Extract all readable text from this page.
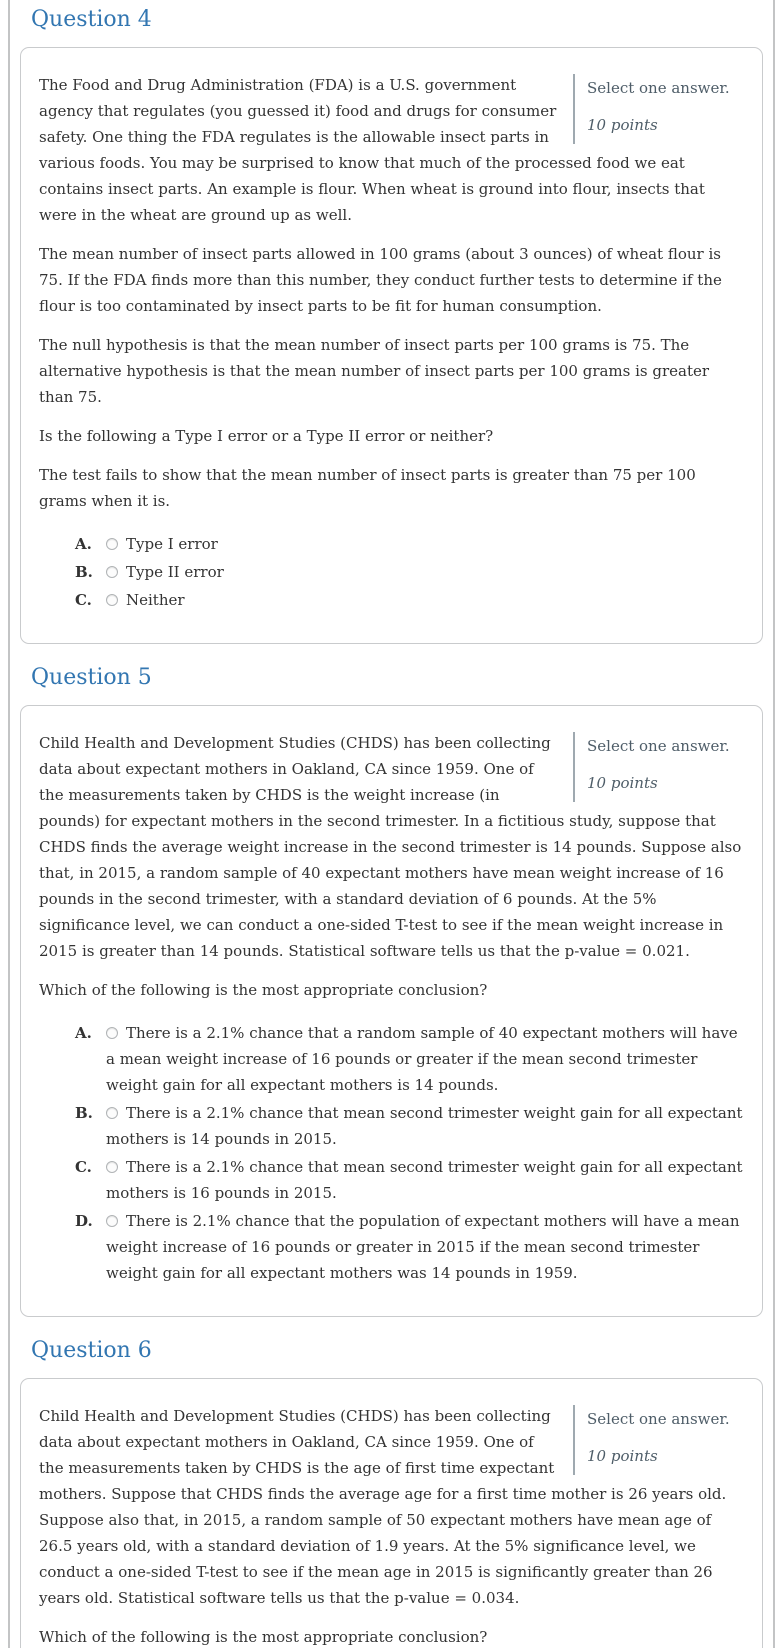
Question 4
Select one answer.
10 points

The Food and Drug Administration (FDA) is a U.S. government agency that regulates (you guessed it) food and drugs for consumer safety. One thing the FDA regulates is the allowable insect parts in various foods. You may be surprised to know that much of the processed food we eat contains insect parts. An example is flour. When wheat is ground into flour, insects that were in the wheat are ground up as well.

The mean number of insect parts allowed in 100 grams (about 3 ounces) of wheat flour is 75. If the FDA finds more than this number, they conduct further tests to determine if the flour is too contaminated by insect parts to be fit for human consumption.

The null hypothesis is that the mean number of insect parts per 100 grams is 75. The alternative hypothesis is that the mean number of insect parts per 100 grams is greater than 75.

Is the following a Type I error or a Type II error or neither?

The test fails to show that the mean number of insect parts is greater than 75 per 100 grams when it is.

A. Type I error
B. Type II error
C. Neither
Question 5
Select one answer.
10 points

Child Health and Development Studies (CHDS) has been collecting data about expectant mothers in Oakland, CA since 1959. One of the measurements taken by CHDS is the weight increase (in pounds) for expectant mothers in the second trimester. In a fictitious study, suppose that CHDS finds the average weight increase in the second trimester is 14 pounds. Suppose also that, in 2015, a random sample of 40 expectant mothers have mean weight increase of 16 pounds in the second trimester, with a standard deviation of 6 pounds. At the 5% significance level, we can conduct a one-sided T-test to see if the mean weight increase in 2015 is greater than 14 pounds. Statistical software tells us that the p-value = 0.021.

Which of the following is the most appropriate conclusion?

A. There is a 2.1% chance that a random sample of 40 expectant mothers will have a mean weight increase of 16 pounds or greater if the mean second trimester weight gain for all expectant mothers is 14 pounds.
B. There is a 2.1% chance that mean second trimester weight gain for all expectant mothers is 14 pounds in 2015.
C. There is a 2.1% chance that mean second trimester weight gain for all expectant mothers is 16 pounds in 2015.
D. There is 2.1% chance that the population of expectant mothers will have a mean weight increase of 16 pounds or greater in 2015 if the mean second trimester weight gain for all expectant mothers was 14 pounds in 1959.
Question 6
Select one answer.
10 points

Child Health and Development Studies (CHDS) has been collecting data about expectant mothers in Oakland, CA since 1959. One of the measurements taken by CHDS is the age of first time expectant mothers. Suppose that CHDS finds the average age for a first time mother is 26 years old. Suppose also that, in 2015, a random sample of 50 expectant mothers have mean age of 26.5 years old, with a standard deviation of 1.9 years. At the 5% significance level, we conduct a one-sided T-test to see if the mean age in 2015 is significantly greater than 26 years old. Statistical software tells us that the p-value = 0.034.

Which of the following is the most appropriate conclusion?
